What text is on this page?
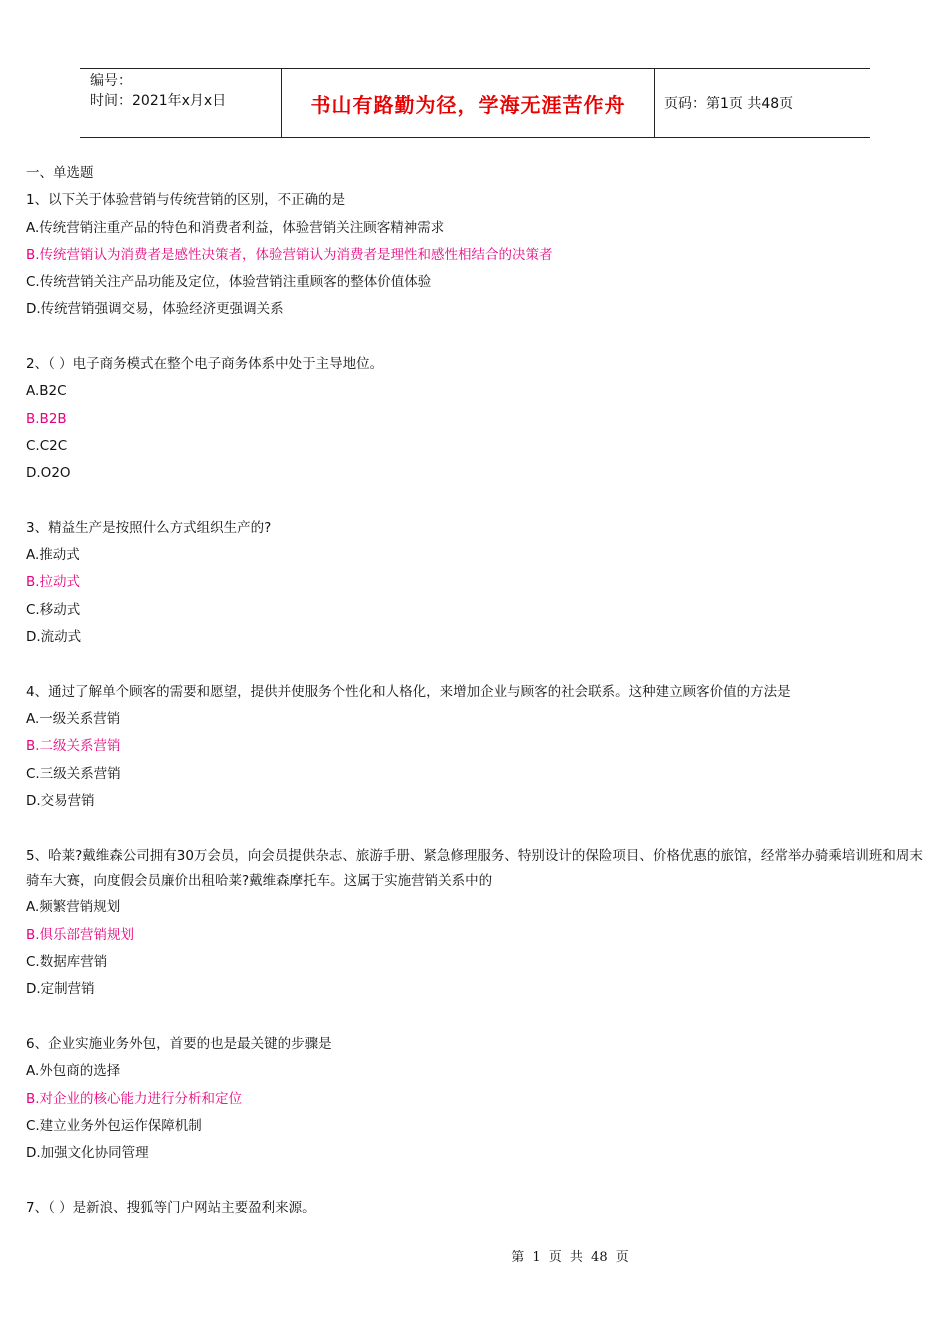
编号：
时间：2021年x月x日	书山有路勤为径，学海无涯苦作舟	页码：第1页 共48页
一、单选题
1、以下关于体验营销与传统营销的区别，不正确的是
A.传统营销注重产品的特色和消费者利益，体验营销关注顾客精神需求
B.传统营销认为消费者是感性决策者，体验营销认为消费者是理性和感性相结合的决策者
C.传统营销关注产品功能及定位，体验营销注重顾客的整体价值体验
D.传统营销强调交易，体验经济更强调关系
2、（ ）电子商务模式在整个电子商务体系中处于主导地位。
A.B2C
B.B2B
C.C2C
D.O2O
3、精益生产是按照什么方式组织生产的?
A.推动式
B.拉动式
C.移动式
D.流动式
4、通过了解单个顾客的需要和愿望，提供并使服务个性化和人格化，来增加企业与顾客的社会联系。这种建立顾客价值的方法是
A.一级关系营销
B.二级关系营销
C.三级关系营销
D.交易营销
5、哈莱?戴维森公司拥有30万会员，向会员提供杂志、旅游手册、紧急修理服务、特别设计的保险项目、价格优惠的旅馆，经常举办骑乘培训班和周末骑车大赛，向度假会员廉价出租哈莱?戴维森摩托车。这属于实施营销关系中的
A.频繁营销规划
B.俱乐部营销规划
C.数据库营销
D.定制营销
6、企业实施业务外包，首要的也是最关键的步骤是
A.外包商的选择
B.对企业的核心能力进行分析和定位
C.建立业务外包运作保障机制
D.加强文化协同管理
7、（ ）是新浪、搜狐等门户网站主要盈利来源。
第 1 页 共 48 页
